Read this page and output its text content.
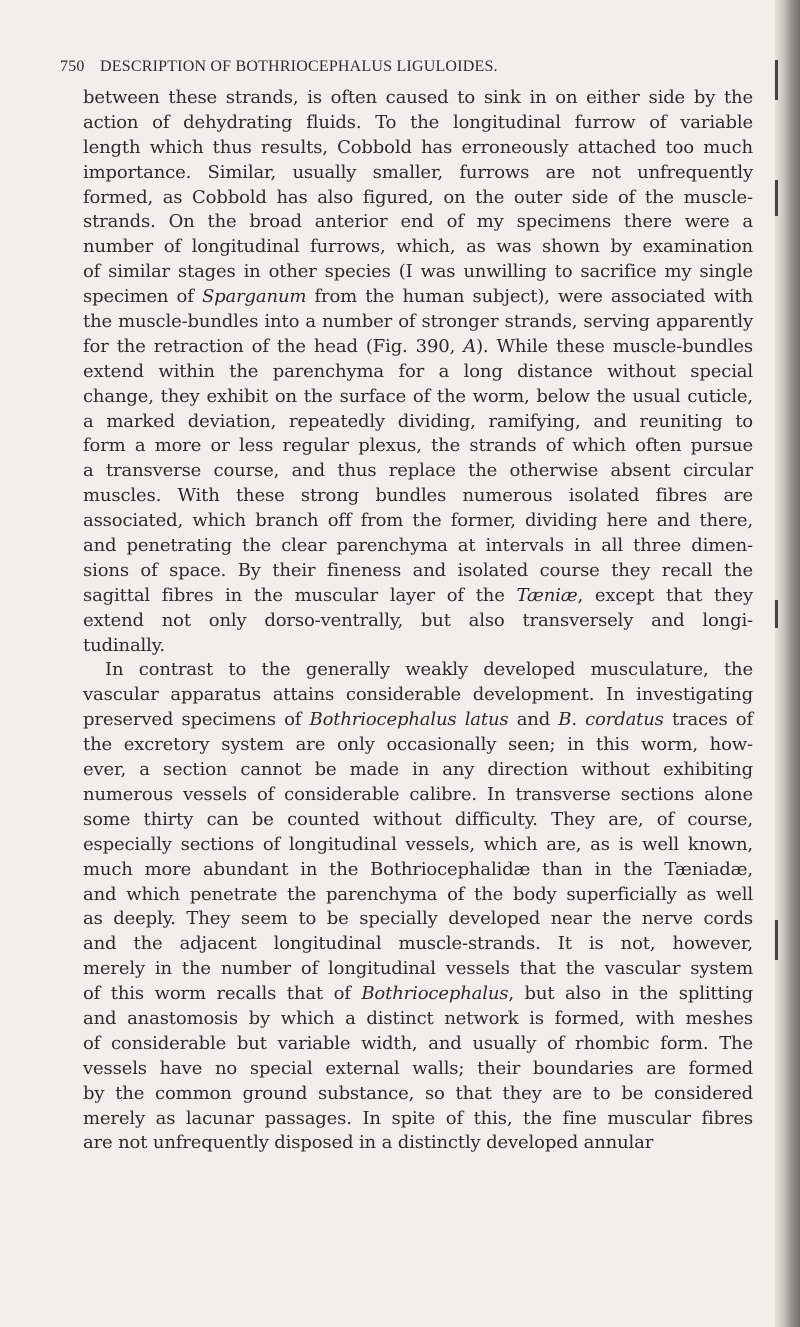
750 DESCRIPTION OF BOTHRIOCEPHALUS LIGULOIDES.
between these strands, is often caused to sink in on either side by the
action of dehydrating fluids. To the longitudinal furrow of variable
length which thus results, Cobbold has erroneously attached too much
importance. Similar, usually smaller, furrows are not unfrequently
formed, as Cobbold has also figured, on the outer side of the muscle-
strands. On the broad anterior end of my specimens there were a
number of longitudinal furrows, which, as was shown by examination
of similar stages in other species (I was unwilling to sacrifice my single
specimen of Sparganum from the human subject), were associated with
the muscle-bundles into a number of stronger strands, serving apparently
for the retraction of the head (Fig. 390, A). While these muscle-bundles
extend within the parenchyma for a long distance without special
change, they exhibit on the surface of the worm, below the usual cuticle,
a marked deviation, repeatedly dividing, ramifying, and reuniting to
form a more or less regular plexus, the strands of which often pursue
a transverse course, and thus replace the otherwise absent circular
muscles. With these strong bundles numerous isolated fibres are
associated, which branch off from the former, dividing here and there,
and penetrating the clear parenchyma at intervals in all three dimen-
sions of space. By their fineness and isolated course they recall the
sagittal fibres in the muscular layer of the Tæniæ, except that they
extend not only dorso-ventrally, but also transversely and longi-
tudinally.
In contrast to the generally weakly developed musculature, the
vascular apparatus attains considerable development. In investigating
preserved specimens of Bothriocephalus latus and B. cordatus traces of
the excretory system are only occasionally seen; in this worm, how-
ever, a section cannot be made in any direction without exhibiting
numerous vessels of considerable calibre. In transverse sections alone
some thirty can be counted without difficulty. They are, of course,
especially sections of longitudinal vessels, which are, as is well known,
much more abundant in the Bothriocephalidæ than in the Tæniadæ,
and which penetrate the parenchyma of the body superficially as well
as deeply. They seem to be specially developed near the nerve cords
and the adjacent longitudinal muscle-strands. It is not, however,
merely in the number of longitudinal vessels that the vascular system
of this worm recalls that of Bothriocephalus, but also in the splitting
and anastomosis by which a distinct network is formed, with meshes
of considerable but variable width, and usually of rhombic form. The
vessels have no special external walls; their boundaries are formed
by the common ground substance, so that they are to be considered
merely as lacunar passages. In spite of this, the fine muscular fibres
are not unfrequently disposed in a distinctly developed annular
